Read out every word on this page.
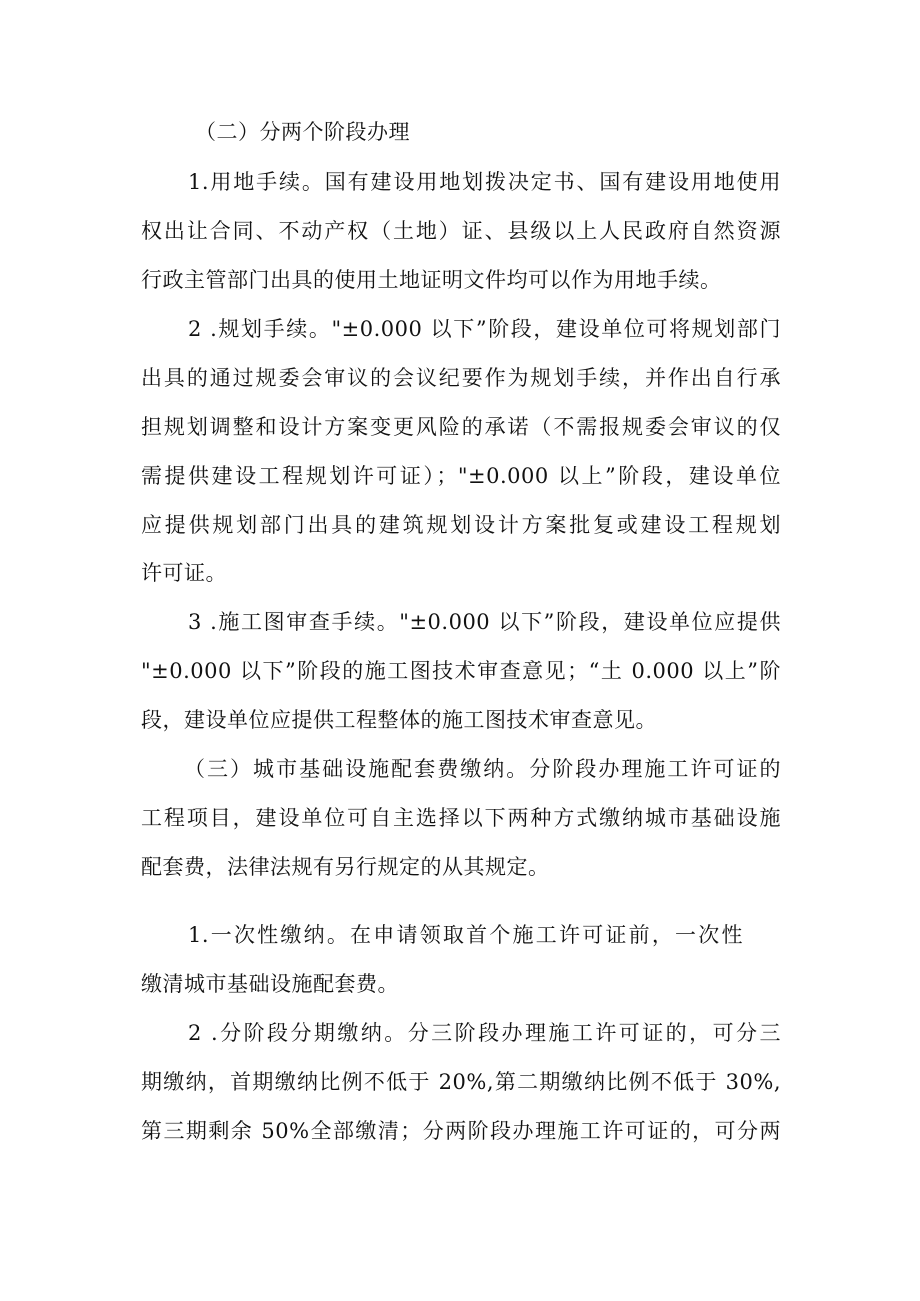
（二）分两个阶段办理
1.用地手续。国有建设用地划拨决定书、国有建设用地使用
权出让合同、不动产权（土地）证、县级以上人民政府自然资源
行政主管部门出具的使用土地证明文件均可以作为用地手续。
2 .规划手续。"±0.000 以下”阶段，建设单位可将规划部门
出具的通过规委会审议的会议纪要作为规划手续，并作出自行承
担规划调整和设计方案变更风险的承诺（不需报规委会审议的仅
需提供建设工程规划许可证）；"±0.000 以上”阶段，建设单位
应提供规划部门出具的建筑规划设计方案批复或建设工程规划
许可证。
3 .施工图审查手续。"±0.000 以下”阶段，建设单位应提供
"±0.000 以下”阶段的施工图技术审查意见；“土 0.000 以上”阶
段，建设单位应提供工程整体的施工图技术审查意见。
（三）城市基础设施配套费缴纳。分阶段办理施工许可证的
工程项目，建设单位可自主选择以下两种方式缴纳城市基础设施
配套费，法律法规有另行规定的从其规定。
1.一次性缴纳。在申请领取首个施工许可证前，一次性
缴清城市基础设施配套费。
2 .分阶段分期缴纳。分三阶段办理施工许可证的，可分三
期缴纳，首期缴纳比例不低于 20%,第二期缴纳比例不低于 30%,
第三期剩余 50%全部缴清；分两阶段办理施工许可证的，可分两
